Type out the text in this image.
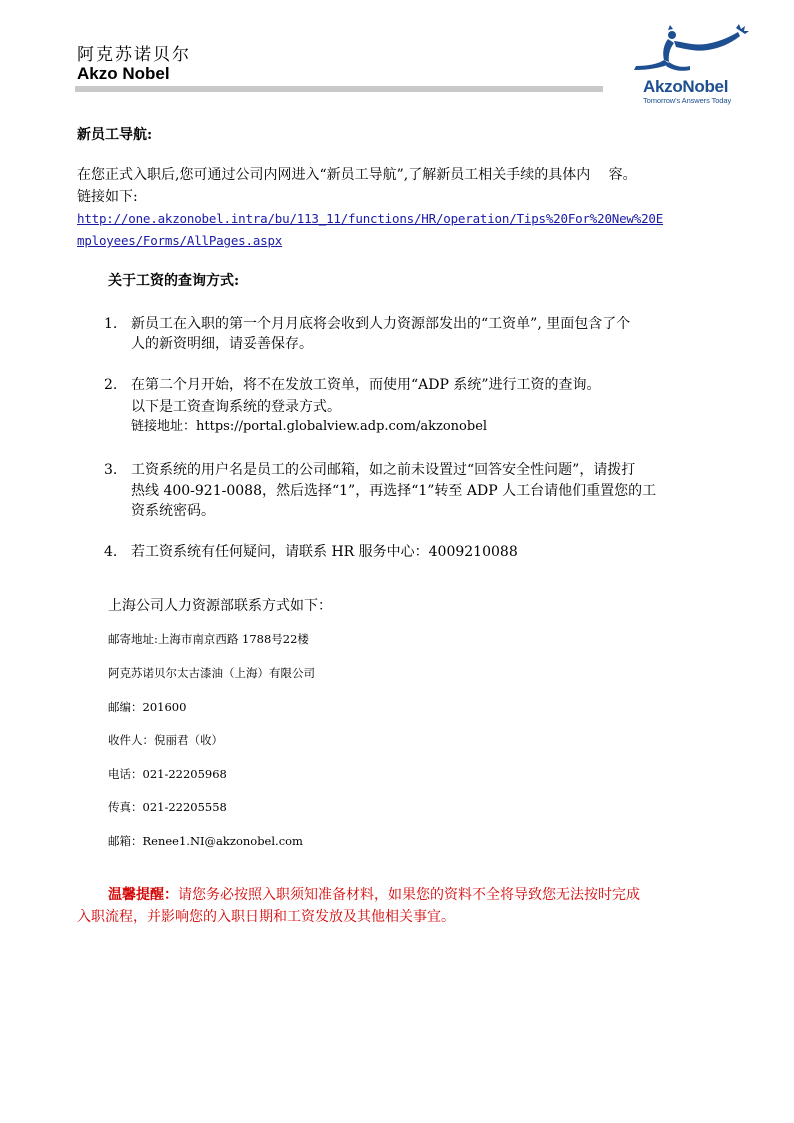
阿克苏诺贝尔
Akzo Nobel
AkzoNobel
Tomorrow's Answers Today
新员工导航:
在您正式入职后,您可通过公司内网进入“新员工导航”,了解新员工相关手续的具体内　 容。
链接如下:
http://one.akzonobel.intra/bu/113_11/functions/HR/operation/Tips%20For%20New%20E
mployees/Forms/AllPages.aspx
关于工资的查询方式:
1. 新员工在入职的第一个月月底将会收到人力资源部发出的“工资单”, 里面包含了个
人的新资明细，请妥善保存。
2. 在第二个月开始，将不在发放工资单，而使用“ADP 系统”进行工资的查询。
以下是工资查询系统的登录方式。
链接地址：https://portal.globalview.adp.com/akzonobel
3. 工资系统的用户名是员工的公司邮箱，如之前未设置过“回答安全性问题”，请拨打
热线 400-921-0088，然后选择“1”，再选择“1”转至 ADP 人工台请他们重置您的工
资系统密码。
4. 若工资系统有任何疑问，请联系 HR 服务中心：4009210088
上海公司人力资源部联系方式如下：
邮寄地址:上海市南京西路 1788号22楼
阿克苏诺贝尔太古漆油（上海）有限公司
邮编：201600
收件人：倪丽君（收）
电话：021-22205968
传真：021-22205558
邮箱：Renee1.NI@akzonobel.com
温馨提醒：请您务必按照入职须知准备材料，如果您的资料不全将导致您无法按时完成
入职流程，并影响您的入职日期和工资发放及其他相关事宜。
